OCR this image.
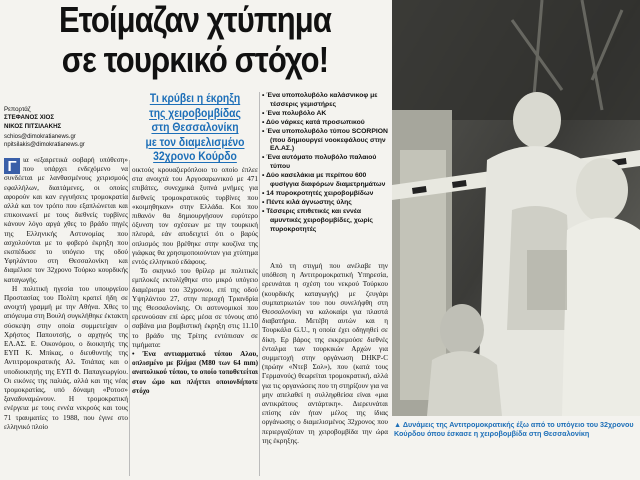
Ετοίμαζαν χτύπημα
σε τουρκικό στόχο!
Ρεπορτάζ
ΣΤΕΦΑΝΟΣ ΧΙΟΣ
ΝΙΚΟΣ ΠΙΤΣΙΛΑΚΗΣ
schios@dimokratianews.gr
npitsilakis@dimokratianews.gr
Τι κρύβει η έκρηξη
της χειροβομβίδας
στη Θεσσαλονίκη
με τον διαμελισμένο
32χρονο Κούρδο

Γ ια «εξαιρετικά σοβαρή υπόθεση» που υπάρχει ενδεχόμενο να συνδέεται με λανθασμένους χειρισμούς εφαλλήλων, διαιτάμενες, οι οποίες αφορούν και καν εγγυήσεις τρομοκρατία αλλά και τον τρόπο που εξαπλώνεται και επικοινωνεί με τους διεθνείς τυρβίνες κάνουν λόγο αργά χθες το βράδυ πηγές της Ελληνικής Αστυνομίας που ασχολούνται με το φοβερό έκρηξη που εκσπέδωσε το υπόγειο της οδού Υφηλάντου στη Θεσσαλονίκη και διαμέλισε τον 32χρονο Τούρκο κουρδικής καταγωγής.

Η πολιτική ηγεσία του υπουργείου Προστασίας του Πολίτη κρατεί ήδη σε ανοιχτή γραμμή με την Αθήνα. Χθες το απόγευμα στη Βουλή συγκλήθηκε έκτακτη σύσκεψη στην οποία συμμετείχαν ο Χρήστος Παπουτσής, ο αρχηγός της ΕΛ.ΑΣ. Ε. Οικονόμου, ο διοικητής της ΕΥΠ Κ. Μπίκας, ο διευθυντής της Αντιτρομοκρατικής Αλ. Τσιάπας και ο υποδιοικητής της ΕΥΠ Φ. Παπαγεωργίου. Οι εικόνες της παλιάς, αλλά και της νέας τρομοκρατίας, υπό δύναμη «Ροτοσ» ξαναδυναμώνουν. Η τρομοκρατική ενέργεια με τους εννέα νεκρούς και τους 71 τραυματίες το 1988, που έγινε στο ελληνικό πλοίο

οικτούς κρουαζιερόπλοιο το οποίο έπλεε στα ανοιχτά του Αργοσαρωνικού με 471 επιβάτες, συνεχμικά ξυπνά μνήμες για διεθνείς τρομοκρατικούς τυρβίνες που «κοιμηθηκαν» στην Ελλάδα. Κοι που πιθανόν θα δημιουργήσουν ευρύτερο όξυνση τον σχέσεων με την τουρκική πλευρά, εάν αποδειχτεί ότι ο βαρύς οπλισμός που βρέθηκε στην κουζίνα της γιάφκας θα χρησιμοποιούνταν για χτύπημα εντός ελληνικού εδάφους.

Το σκηνικό του θρίλερ με πολιτικές εμπλοκές εκτυλίχθηκε στο μικρό υπόγειο διαμέρισμα του 32χρονου, επί της οδού Υψηλάντου 27, στην περιοχή Τριανδρία της Θεσσαλονίκης. Οι αστυνομικοί που ερευνούσαν επί ώρες μέσα σε τόνους από σαβάνα μια βομβιστική έκρηξη στις 11.10 το βράδυ της Τρίτης εντόπισαν σε τιμήματα:

• Ένα αντιαρματικό τύπου Αλου, οπλισμένο με βλήμα (Μ80 των 64 mm) ανατολικού τύπου, το οποίο τοποθετείται στον ώμο και πλήττει οποιονδήποτε στόχο

• Ένα υποπολυβόλο καλάσνικοφ με τέσσερις γεμιστήρες
• Ένα πολυβόλο ΑΚ
• Δύο νάρκες κατά προσωπικού
• Ένα υποπολυβόλο τύπου SCORPION (που δημιουργεί νοοκεφάλους στην ΕΛ.ΑΣ.)
• Ένα αυτόματο πολυβόλο παλαιού τύπου
• Δύο κασελάκια με περίπου 600 φυσίγγια διαφόρων διαμετρημάτων
• 14 πυροκροτητές χειροβομβίδων
• Πέντε κιλά άγνωστης ύλης
• Τέσσερις επιθετικές και εννέα αμυντικές χειροβομβίδες, χωρίς πυροκροτητές

Από τη στιγμή που ανέλαβε την υπόθεση η Αντιτρομοκρατική Υπηρεσία, ερευνάται η σχέση του νεκρού Τούρκου (κουρδικής καταγωγής) με ζευγάρι συμπατριωτών του που συνελήφθη στη Θεσσαλονίκη να καλοκαίρι για πλαστά διαβατήρια. Μετέβη αυτών και η Τουρκάλα G.U., η οποία έχει οδηγηθεί σε δίκη. Ερ βάρος της εκκρεμούσε διεθνές ένταλμα των τουρκικών Αρχών για συμμετοχή στην οργάνωση DHKP-C (πρώην «Ντεβ Σολ»), που (κατά τους Γερμανούς) θεωρείται τρομοκρατική, αλλά για τις οργανώσεις που τη στηρίζουν για να μην απελαθεί η συλληφθείσα είναι «μια αντικράτους αντάρτικη». Διερευνάται επίσης εάν ήταν μέλος της ίδιας οργάνωσης ο διαμελισμένος 32χρονος που περιεργαζόταν τη χειροβομβίδα την ώρα της έκρηξης.

▲ Δυνάμεις της Αντιτρομοκρατικής έξω από το υπόγειο του 32χρονου Κούρδου όπου έσκασε η χειροβομβίδα στη Θεσσαλονίκη
